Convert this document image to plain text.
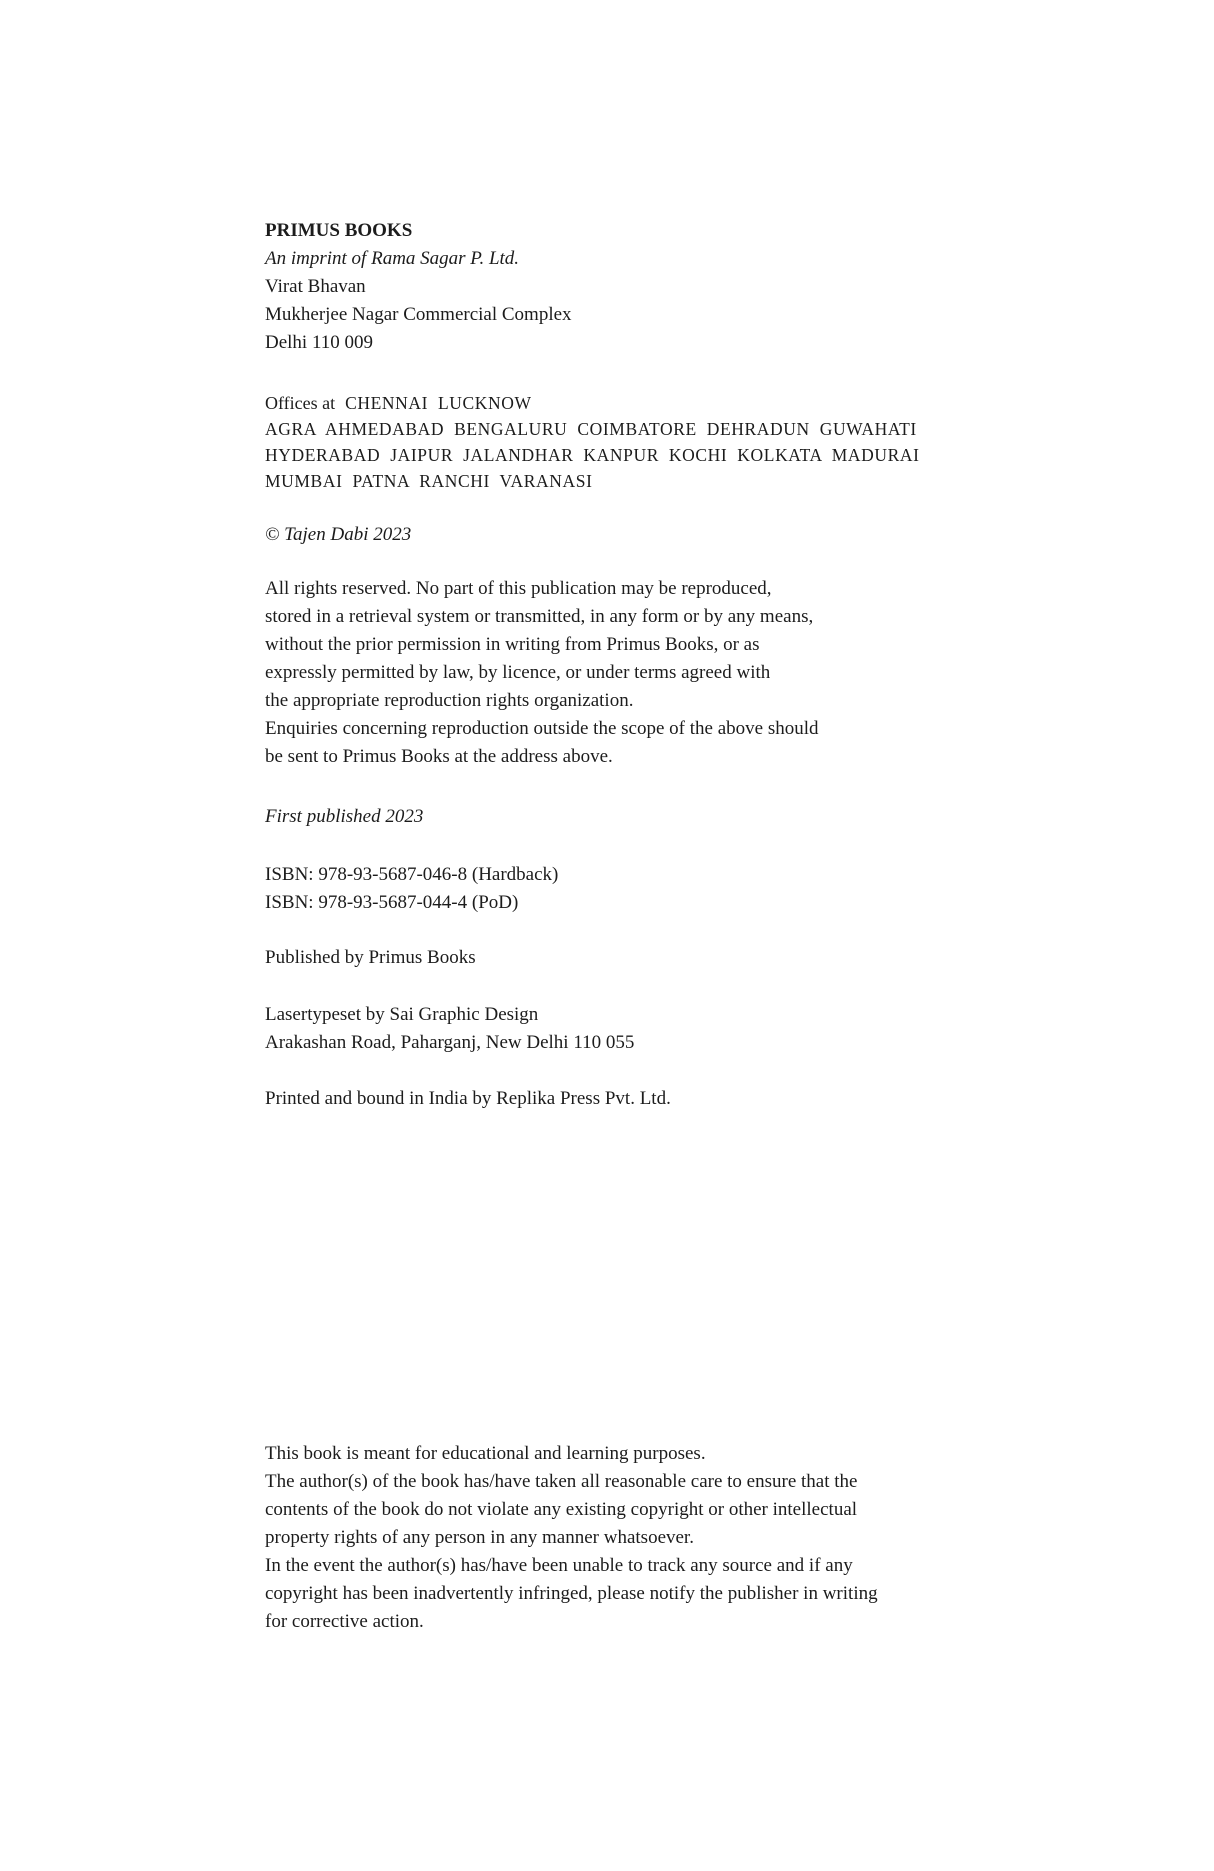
PRIMUS BOOKS
An imprint of Rama Sagar P. Ltd.
Virat Bhavan
Mukherjee Nagar Commercial Complex
Delhi 110 009
Offices at CHENNAI  LUCKNOW
AGRA  AHMEDABAD  BENGALURU  COIMBATORE  DEHRADUN  GUWAHATI
HYDERABAD  JAIPUR  JALANDHAR  KANPUR  KOCHI  KOLKATA  MADURAI
MUMBAI  PATNA  RANCHI  VARANASI
© Tajen Dabi 2023
All rights reserved. No part of this publication may be reproduced,
stored in a retrieval system or transmitted, in any form or by any means,
without the prior permission in writing from Primus Books, or as
expressly permitted by law, by licence, or under terms agreed with
the appropriate reproduction rights organization.
Enquiries concerning reproduction outside the scope of the above should
be sent to Primus Books at the address above.
First published 2023
ISBN: 978-93-5687-046-8 (Hardback)
ISBN: 978-93-5687-044-4 (PoD)
Published by Primus Books
Lasertypeset by Sai Graphic Design
Arakashan Road, Paharganj, New Delhi 110 055
Printed and bound in India by Replika Press Pvt. Ltd.
This book is meant for educational and learning purposes.
The author(s) of the book has/have taken all reasonable care to ensure that the
contents of the book do not violate any existing copyright or other intellectual
property rights of any person in any manner whatsoever.
In the event the author(s) has/have been unable to track any source and if any
copyright has been inadvertently infringed, please notify the publisher in writing
for corrective action.
